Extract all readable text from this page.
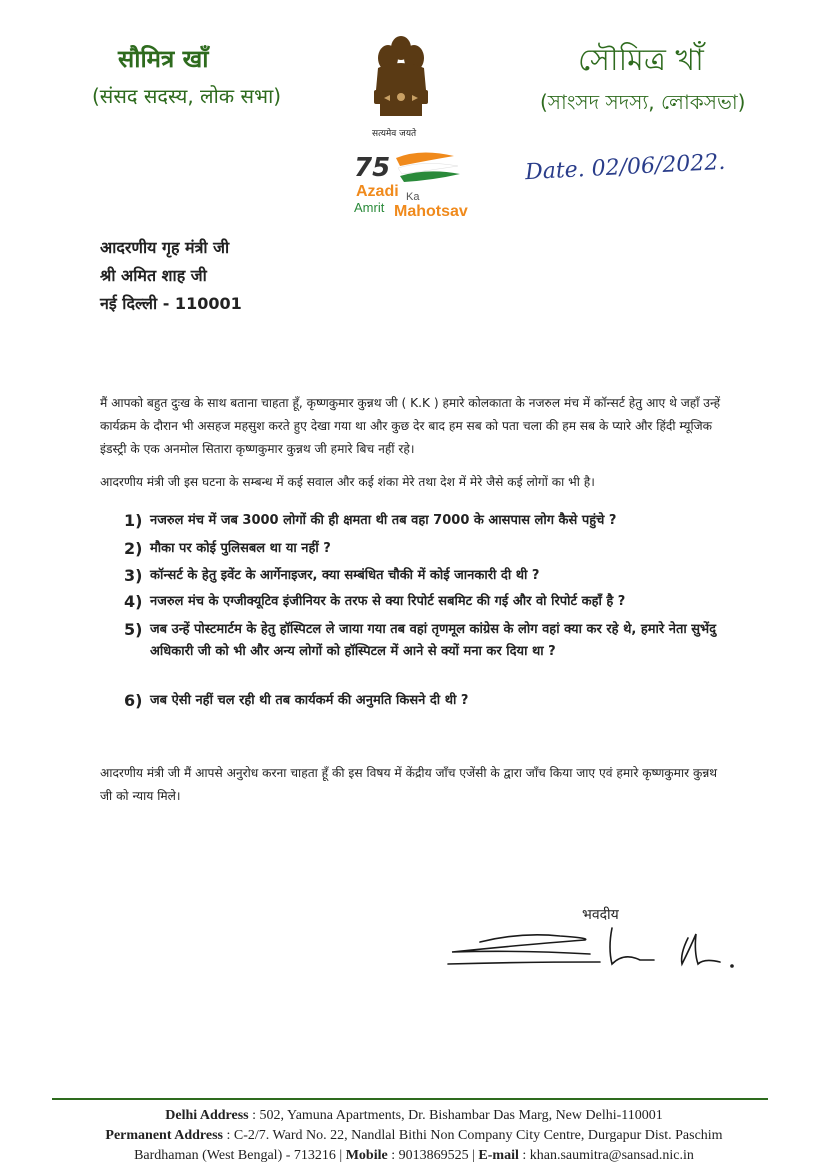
सौमित्र खाँ
(संसद सदस्य, लोक सभा)
सत्यमेव जयते
75
Azadi Ka
Amrit Mahotsav
সৌমিত্র খাঁ
(সাংসদ সদস্য, লোকসভা)
Date. 02/06/2022.
आदरणीय गृह मंत्री जी
श्री अमित शाह जी
नई दिल्ली - 110001
मैं आपको बहुत दुःख के साथ बताना चाहता हूँ, कृष्णकुमार कुन्नथ जी ( K.K ) हमारे कोलकाता के नजरुल मंच में कॉन्सर्ट हेतु आए थे जहाँ उन्हें कार्यक्रम के दौरान भी असहज महसुश करते हुए देखा गया था और कुछ देर बाद हम सब को पता चला की हम सब के प्यारे और हिंदी म्यूजिक इंडस्ट्री के एक अनमोल सितारा कृष्णकुमार कुन्नथ जी हमारे बिच नहीं रहे।
आदरणीय मंत्री जी इस घटना के सम्बन्ध में कई सवाल और कई शंका मेरे तथा देश में मेरे जैसे कई लोगों का भी है।
1) नजरुल मंच में जब 3000 लोगों की ही क्षमता थी तब वहा 7000 के आसपास लोग कैसे पहुंचे ?
2) मौका पर कोई पुलिसबल था या नहीं ?
3) कॉन्सर्ट के हेतु इवेंट के आर्गेनाइजर, क्या सम्बंधित चौकी में कोई जानकारी दी थी ?
4) नजरुल मंच के एग्जीक्यूटिव इंजीनियर के तरफ से क्या रिपोर्ट सबमिट की गई और वो रिपोर्ट कहाँ है ?
5) जब उन्हें पोस्टमार्टम के हेतु हॉस्पिटल ले जाया गया तब वहां तृणमूल कांग्रेस के लोग वहां क्या कर रहे थे, हमारे नेता सुभेंदु अधिकारी जी को भी और अन्य लोगों को हॉस्पिटल में आने से क्यों मना कर दिया था ?
6) जब ऐसी नहीं चल रही थी तब कार्यकर्म की अनुमति किसने दी थी ?
आदरणीय मंत्री जी मैं आपसे अनुरोध करना चाहता हूँ की इस विषय में केंद्रीय जाँच एजेंसी के द्वारा जाँच किया जाए एवं हमारे कृष्णकुमार कुन्नथ जी को न्याय मिले।
भवदीय
Delhi Address : 502, Yamuna Apartments, Dr. Bishambar Das Marg, New Delhi-110001
Permanent Address : C-2/7. Ward No. 22, Nandlal Bithi Non Company City Centre, Durgapur Dist. Paschim
Bardhaman (West Bengal) - 713216 | Mobile : 9013869525 | E-mail : khan.saumitra@sansad.nic.in
